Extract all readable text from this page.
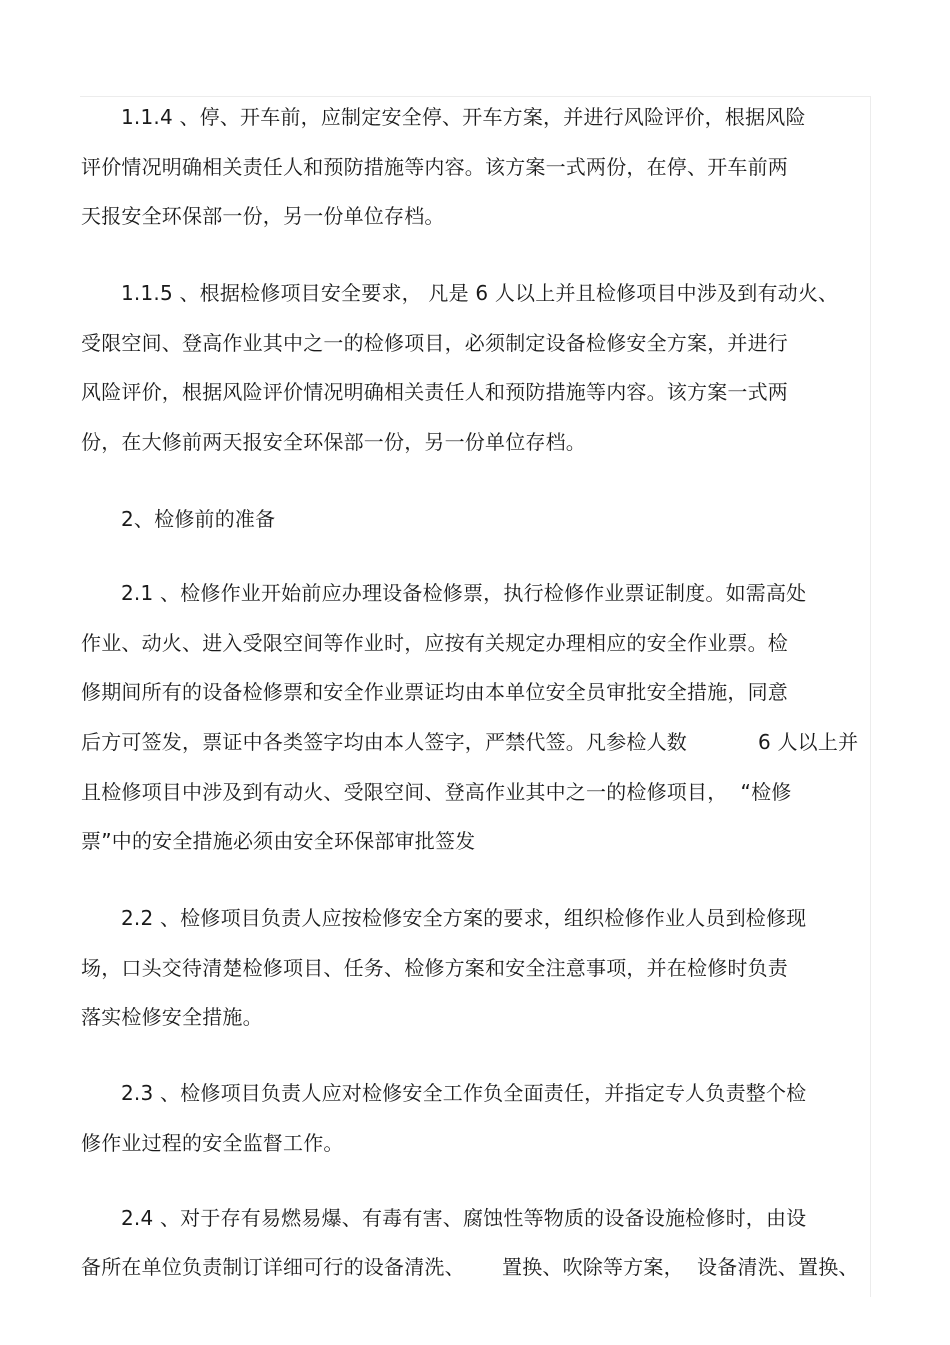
1.1.4 、停、开车前，应制定安全停、开车方案，并进行风险评价，根据风险
评价情况明确相关责任人和预防措施等内容。该方案一式两份，在停、开车前两
天报安全环保部一份，另一份单位存档。
1.1.5 、根据检修项目安全要求， 凡是 6 人以上并且检修项目中涉及到有动火、
受限空间、登高作业其中之一的检修项目，必须制定设备检修安全方案，并进行
风险评价，根据风险评价情况明确相关责任人和预防措施等内容。该方案一式两
份，在大修前两天报安全环保部一份，另一份单位存档。
2、检修前的准备
2.1 、检修作业开始前应办理设备检修票，执行检修作业票证制度。如需高处
作业、动火、进入受限空间等作业时，应按有关规定办理相应的安全作业票。检
修期间所有的设备检修票和安全作业票证均由本单位安全员审批安全措施，同意
后方可签发，票证中各类签字均由本人签字，严禁代签。凡参检人数	6 人以上并
且检修项目中涉及到有动火、受限空间、登高作业其中之一的检修项目，  “检修
票”中的安全措施必须由安全环保部审批签发
2.2 、检修项目负责人应按检修安全方案的要求，组织检修作业人员到检修现
场，口头交待清楚检修项目、任务、检修方案和安全注意事项，并在检修时负责
落实检修安全措施。
2.3 、检修项目负责人应对检修安全工作负全面责任，并指定专人负责整个检
修作业过程的安全监督工作。
2.4 、对于存有易燃易爆、有毒有害、腐蚀性等物质的设备设施检修时，由设
备所在单位负责制订详细可行的设备清洗、 置换、吹除等方案， 设备清洗、置换、
